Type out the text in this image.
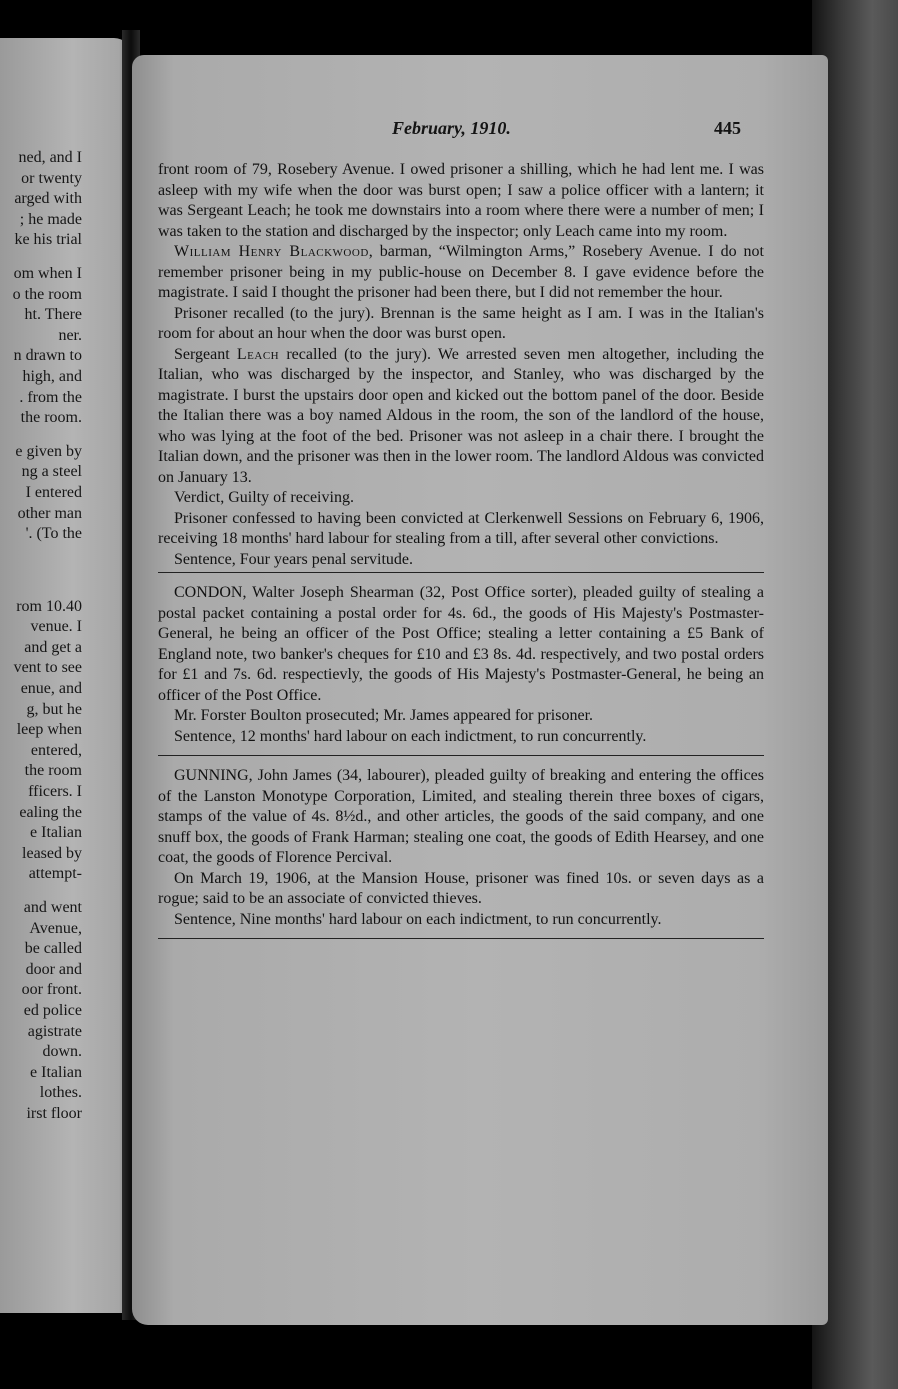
ned, and I
or twenty
arged with
; he made
ke his trial
om when I
o the room
ht. There
ner.
n drawn to
high, and
. from the
the room.
e given by
ng a steel
I entered
other man
'. (To the
rom 10.40
venue. I
and get a
vent to see
enue, and
g, but he
leep when
entered,
the room
fficers. I
ealing the
e Italian
leased by
attempt-
and went
Avenue,
be called
door and
oor front.
ed police
agistrate
down.
e Italian
lothes.
irst floor
February, 1910.	445

front room of 79, Rosebery Avenue. I owed prisoner a shilling, which he had lent me. I was asleep with my wife when the door was burst open; I saw a police officer with a lantern; it was Sergeant Leach; he took me downstairs into a room where there were a number of men; I was taken to the station and discharged by the inspector; only Leach came into my room.

William Henry Blackwood, barman, “Wilmington Arms,” Rosebery Avenue. I do not remember prisoner being in my public-house on December 8. I gave evidence before the magistrate. I said I thought the prisoner had been there, but I did not remember the hour.

Prisoner recalled (to the jury). Brennan is the same height as I am. I was in the Italian's room for about an hour when the door was burst open.

Sergeant Leach recalled (to the jury). We arrested seven men altogether, including the Italian, who was discharged by the inspector, and Stanley, who was discharged by the magistrate. I burst the upstairs door open and kicked out the bottom panel of the door. Beside the Italian there was a boy named Aldous in the room, the son of the landlord of the house, who was lying at the foot of the bed. Prisoner was not asleep in a chair there. I brought the Italian down, and the prisoner was then in the lower room. The landlord Aldous was convicted on January 13.

Verdict, Guilty of receiving.

Prisoner confessed to having been convicted at Clerkenwell Sessions on February 6, 1906, receiving 18 months' hard labour for stealing from a till, after several other convictions.

Sentence, Four years penal servitude.

CONDON, Walter Joseph Shearman (32, Post Office sorter), pleaded guilty of stealing a postal packet containing a postal order for 4s. 6d., the goods of His Majesty's Postmaster-General, he being an officer of the Post Office; stealing a letter containing a £5 Bank of England note, two banker's cheques for £10 and £3 8s. 4d. respectively, and two postal orders for £1 and 7s. 6d. respectievly, the goods of His Majesty's Postmaster-General, he being an officer of the Post Office.

Mr. Forster Boulton prosecuted; Mr. James appeared for prisoner.

Sentence, 12 months' hard labour on each indictment, to run concurrently.

GUNNING, John James (34, labourer), pleaded guilty of breaking and entering the offices of the Lanston Monotype Corporation, Limited, and stealing therein three boxes of cigars, stamps of the value of 4s. 8½d., and other articles, the goods of the said company, and one snuff box, the goods of Frank Harman; stealing one coat, the goods of Edith Hearsey, and one coat, the goods of Florence Percival.

On March 19, 1906, at the Mansion House, prisoner was fined 10s. or seven days as a rogue; said to be an associate of convicted thieves.

Sentence, Nine months' hard labour on each indictment, to run concurrently.
